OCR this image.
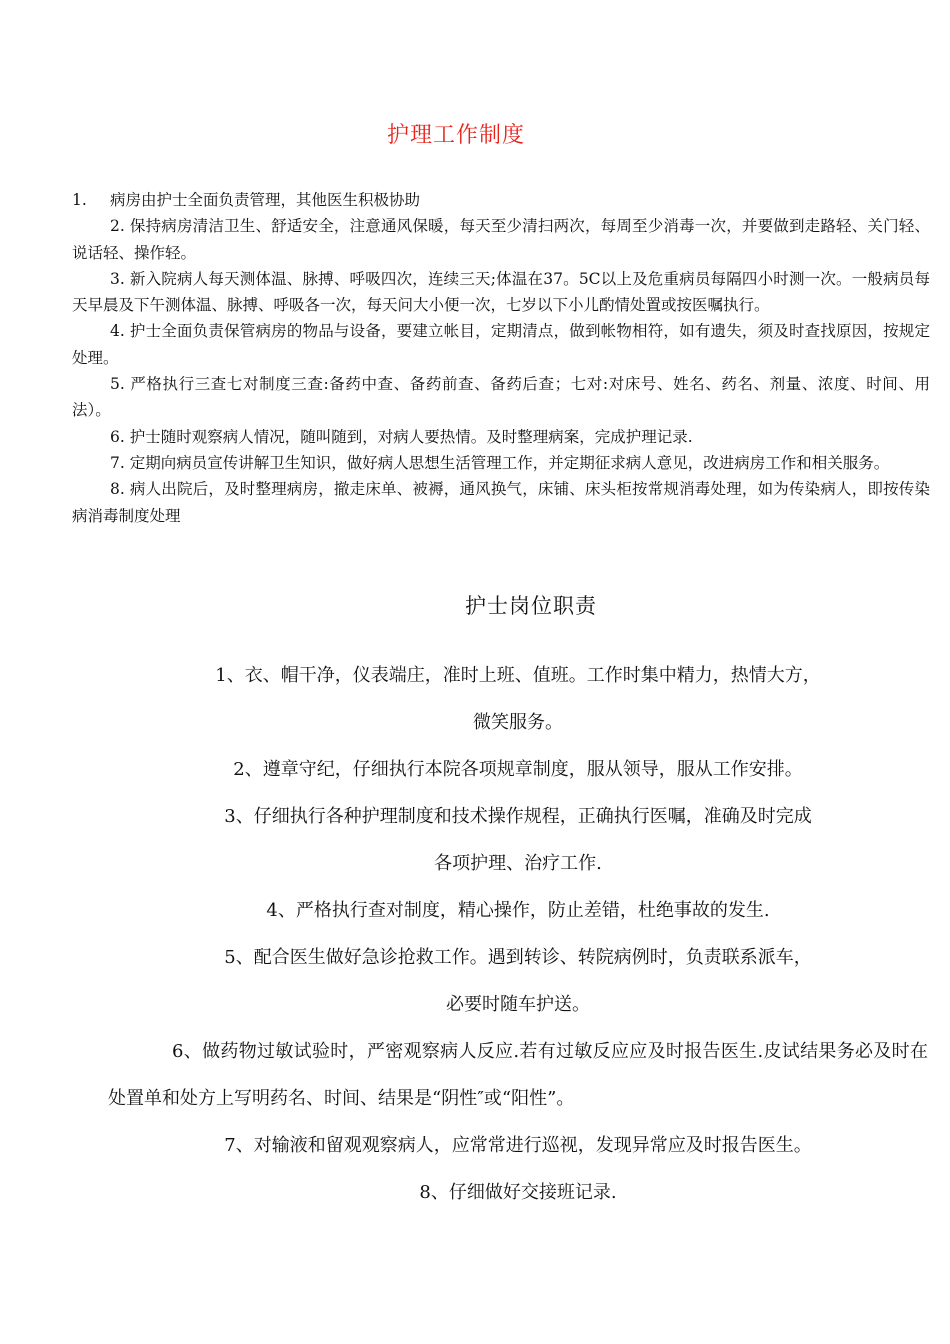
护理工作制度

1. 病房由护士全面负责管理，其他医生积极协助

2. 保持病房清洁卫生、舒适安全，注意通风保暖，每天至少清扫两次，每周至少消毒一次，并要做到走路轻、关门轻、说话轻、操作轻。

3. 新入院病人每天测体温、脉搏、呼吸四次，连续三天;体温在37。5C以上及危重病员每隔四小时测一次。一般病员每天早晨及下午测体温、脉搏、呼吸各一次，每天问大小便一次，七岁以下小儿酌情处置或按医嘱执行。

4. 护士全面负责保管病房的物品与设备，要建立帐目，定期清点，做到帐物相符，如有遗失，须及时查找原因，按规定处理。

5. 严格执行三查七对制度三查:备药中查、备药前查、备药后查；七对:对床号、姓名、药名、剂量、浓度、时间、用法）。

6. 护士随时观察病人情况，随叫随到，对病人要热情。及时整理病案，完成护理记录.

7. 定期向病员宣传讲解卫生知识，做好病人思想生活管理工作，并定期征求病人意见，改进病房工作和相关服务。

8. 病人出院后，及时整理病房，撤走床单、被褥，通风换气，床铺、床头柜按常规消毒处理，如为传染病人，即按传染病消毒制度处理

护士岗位职责

1、衣、帽干净，仪表端庄，准时上班、值班。工作时集中精力，热情大方，

微笑服务。

2、遵章守纪，仔细执行本院各项规章制度，服从领导，服从工作安排。

3、仔细执行各种护理制度和技术操作规程，正确执行医嘱，准确及时完成

各项护理、治疗工作.

4、严格执行查对制度，精心操作，防止差错，杜绝事故的发生.

5、配合医生做好急诊抢救工作。遇到转诊、转院病例时，负责联系派车，

必要时随车护送。

6、做药物过敏试验时，严密观察病人反应.若有过敏反应应及时报告医生.皮试结果务必及时在处置单和处方上写明药名、时间、结果是“阴性″或“阳性”。

7、对输液和留观观察病人，应常常进行巡视，发现异常应及时报告医生。

8、仔细做好交接班记录.
